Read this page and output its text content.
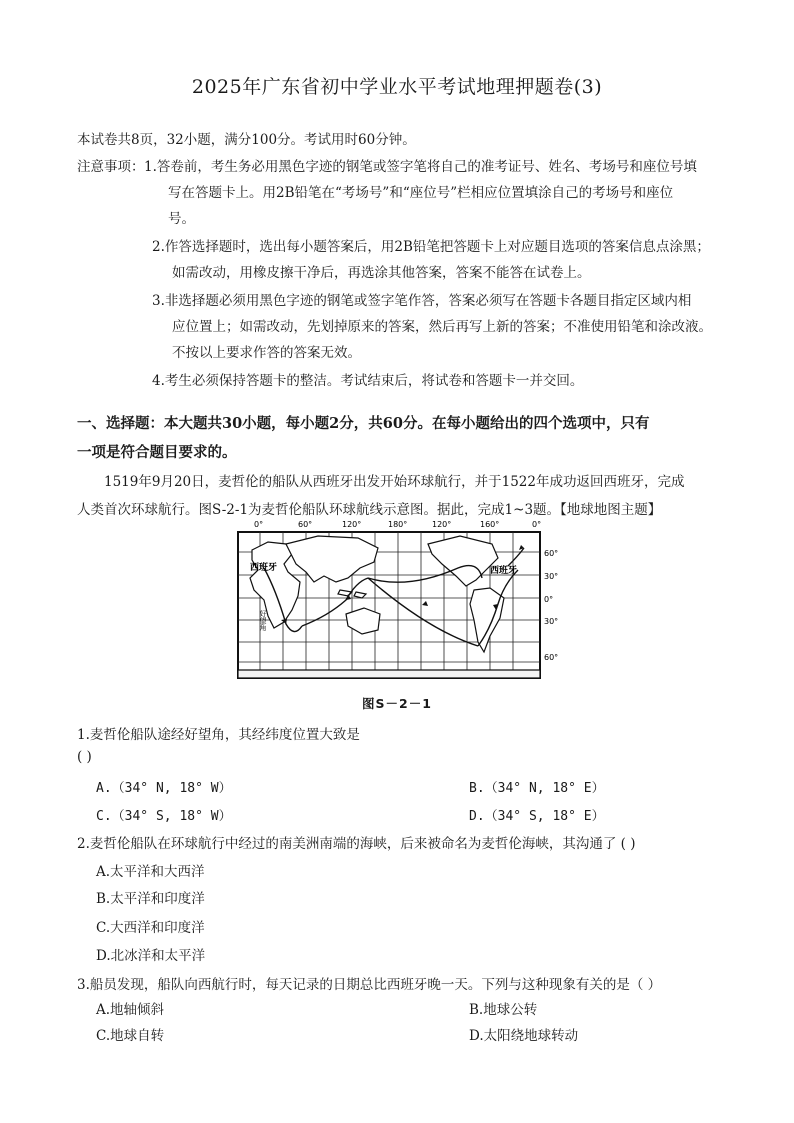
2025年广东省初中学业水平考试地理押题卷(3)
本试卷共8页，32小题，满分100分。考试用时60分钟。
注意事项： 1.答卷前，考生务必用黑色字迹的钢笔或签字笔将自己的准考证号、姓名、考场号和座位号填
写在答题卡上。用2B铅笔在“考场号”和“座位号”栏相应位置填涂自己的考场号和座位
号。
2.作答选择题时，选出每小题答案后，用2B铅笔把答题卡上对应题目选项的答案信息点涂黑；
如需改动，用橡皮擦干净后，再选涂其他答案，答案不能答在试卷上。
3.非选择题必须用黑色字迹的钢笔或签字笔作答，答案必须写在答题卡各题目指定区域内相
应位置上；如需改动，先划掉原来的答案，然后再写上新的答案；不准使用铅笔和涂改液。
不按以上要求作答的答案无效。
4.考生必须保持答题卡的整洁。考试结束后，将试卷和答题卡一并交回。
一、选择题：本大题共30小题，每小题2分，共60分。在每小题给出的四个选项中，只有
一项是符合题目要求的。
1519年9月20日，麦哲伦的船队从西班牙出发开始环球航行，并于1522年成功返回西班牙，完成
人类首次环球航行。图S-2-1为麦哲伦船队环球航线示意图。据此，完成1~3题。【地球地图主题】
0°	60°	120°	180°	120°	160°	0°
西班牙	西班牙
好望角
60°
30°
0°
30°
60°
图S－2－1
1.麦哲伦船队途经好望角，其经纬度位置大致是
( )
A.（34° N, 18° W）	B.（34° N, 18° E）
C.（34° S, 18° W）	D.（34° S, 18° E）
2.麦哲伦船队在环球航行中经过的南美洲南端的海峡，后来被命名为麦哲伦海峡，其沟通了 ( )
A.太平洋和大西洋
B.太平洋和印度洋
C.大西洋和印度洋
D.北冰洋和太平洋
3.船员发现，船队向西航行时，每天记录的日期总比西班牙晚一天。下列与这种现象有关的是（ ）
A.地轴倾斜	B.地球公转
C.地球自转	D.太阳绕地球转动
